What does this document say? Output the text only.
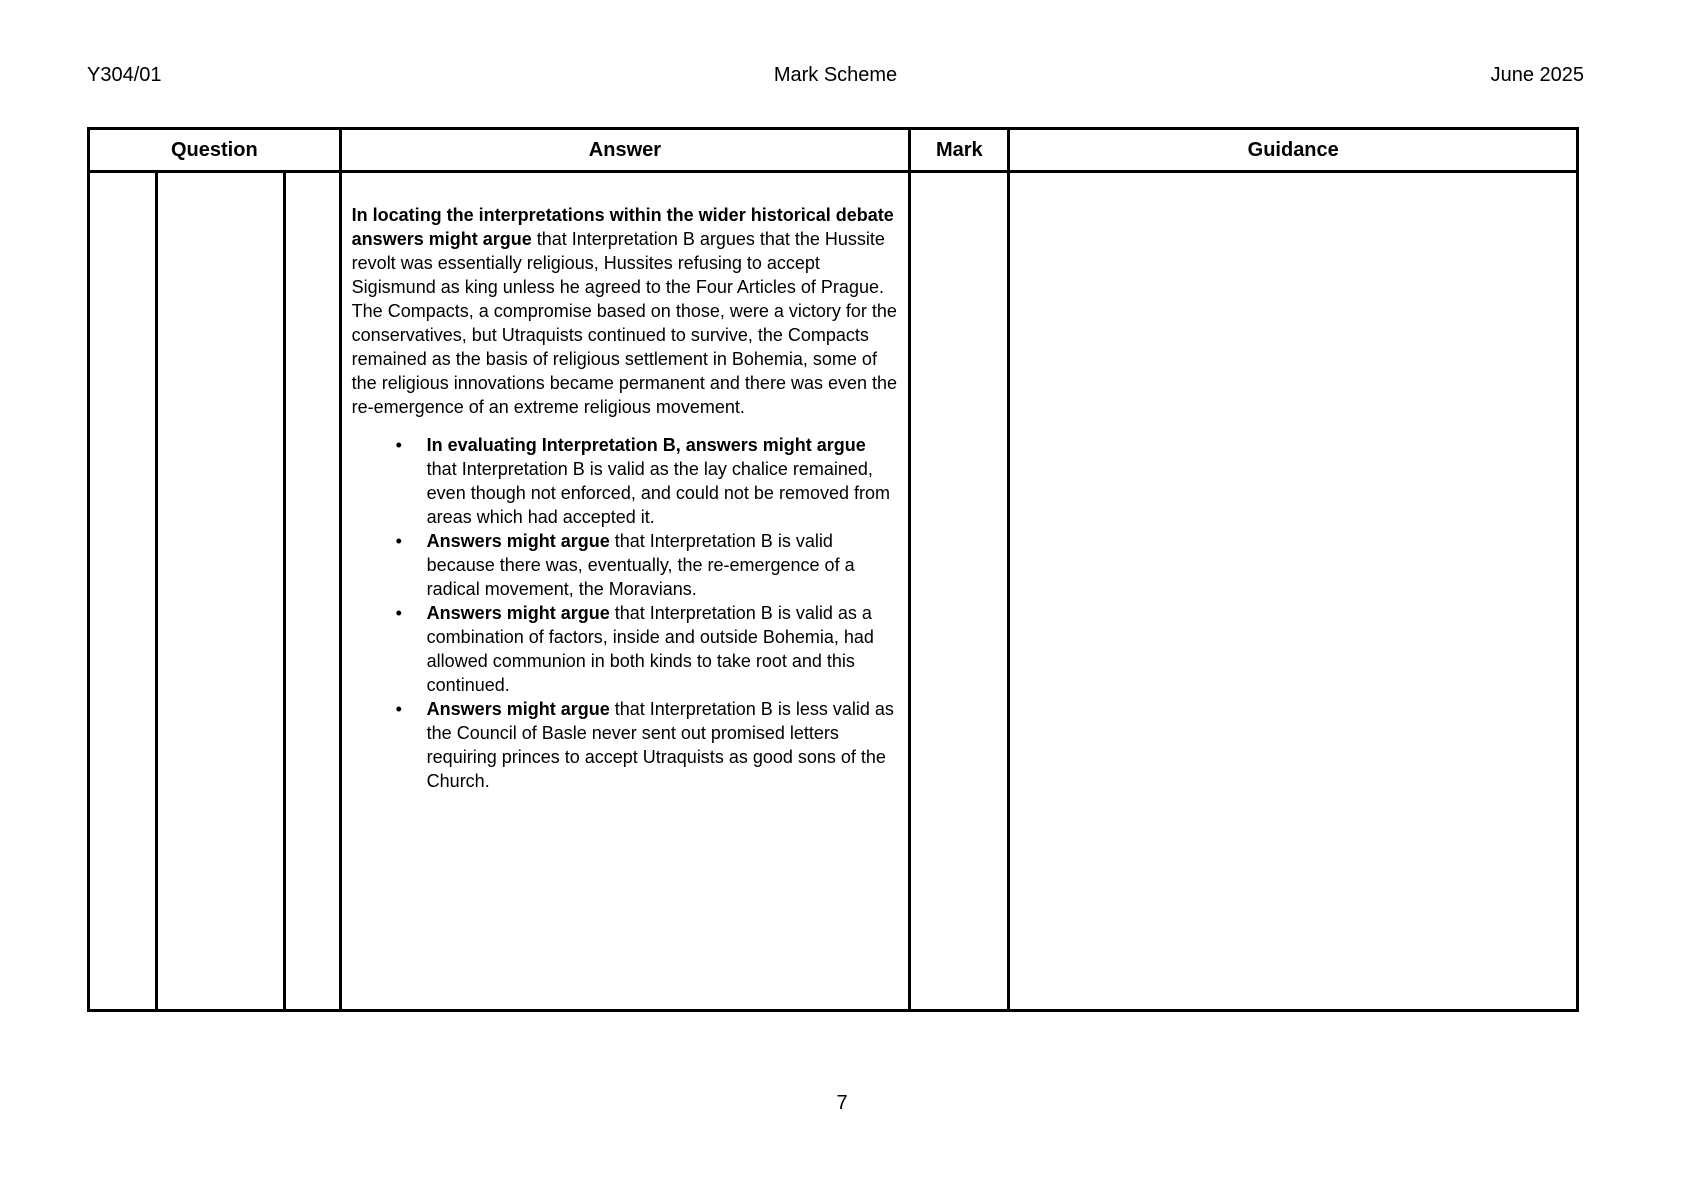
Y304/01	Mark Scheme	June 2025
Question			Answer	Mark	Guidance

In locating the interpretations within the wider historical debate answers might argue that Interpretation B argues that the Hussite revolt was essentially religious, Hussites refusing to accept Sigismund as king unless he agreed to the Four Articles of Prague. The Compacts, a compromise based on those, were a victory for the conservatives, but Utraquists continued to survive, the Compacts remained as the basis of religious settlement in Bohemia, some of the religious innovations became permanent and there was even the re-emergence of an extreme religious movement.

• In evaluating Interpretation B, answers might argue that Interpretation B is valid as the lay chalice remained, even though not enforced, and could not be removed from areas which had accepted it.
• Answers might argue that Interpretation B is valid because there was, eventually, the re-emergence of a radical movement, the Moravians.
• Answers might argue that Interpretation B is valid as a combination of factors, inside and outside Bohemia, had allowed communion in both kinds to take root and this continued.
• Answers might argue that Interpretation B is less valid as the Council of Basle never sent out promised letters requiring princes to accept Utraquists as good sons of the Church.

7
